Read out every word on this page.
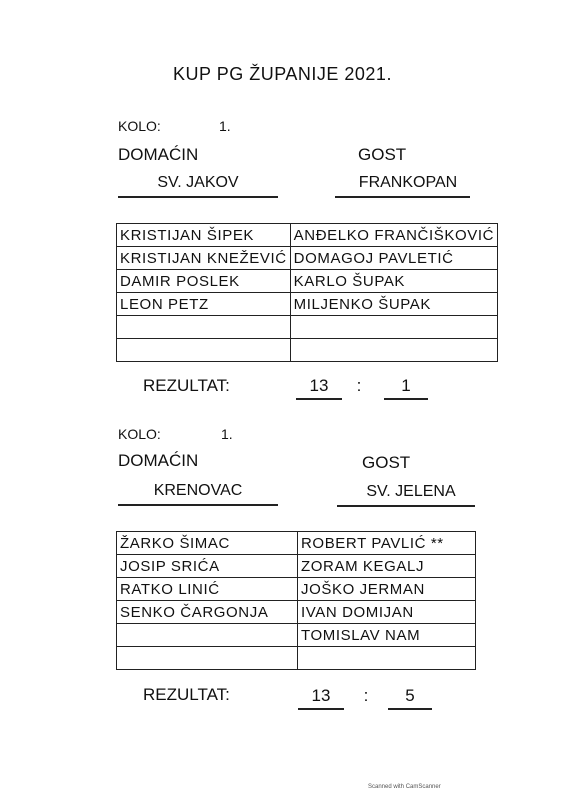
KUP PG ŽUPANIJE 2021.
KOLO:	1.
DOMAĆIN	GOST
SV. JAKOV	FRANKOPAN
KRISTIJAN ŠIPEK	ANĐELKO FRANČIŠKOVIĆ
KRISTIJAN KNEŽEVIĆ	DOMAGOJ PAVLETIĆ
DAMIR POSLEK	KARLO ŠUPAK
LEON PETZ	MILJENKO ŠUPAK

REZULTAT:	13	:	1
KOLO:	1.
DOMAĆIN	GOST
KRENOVAC	SV. JELENA
ŽARKO ŠIMAC	ROBERT PAVLIĆ **
JOSIP SRIĆA	ZORAM KEGALJ
RATKO LINIĆ	JOŠKO JERMAN
SENKO ČARGONJA	IVAN DOMIJAN
	TOMISLAV NAM

REZULTAT:	13	:	5
Scanned with CamScanner
